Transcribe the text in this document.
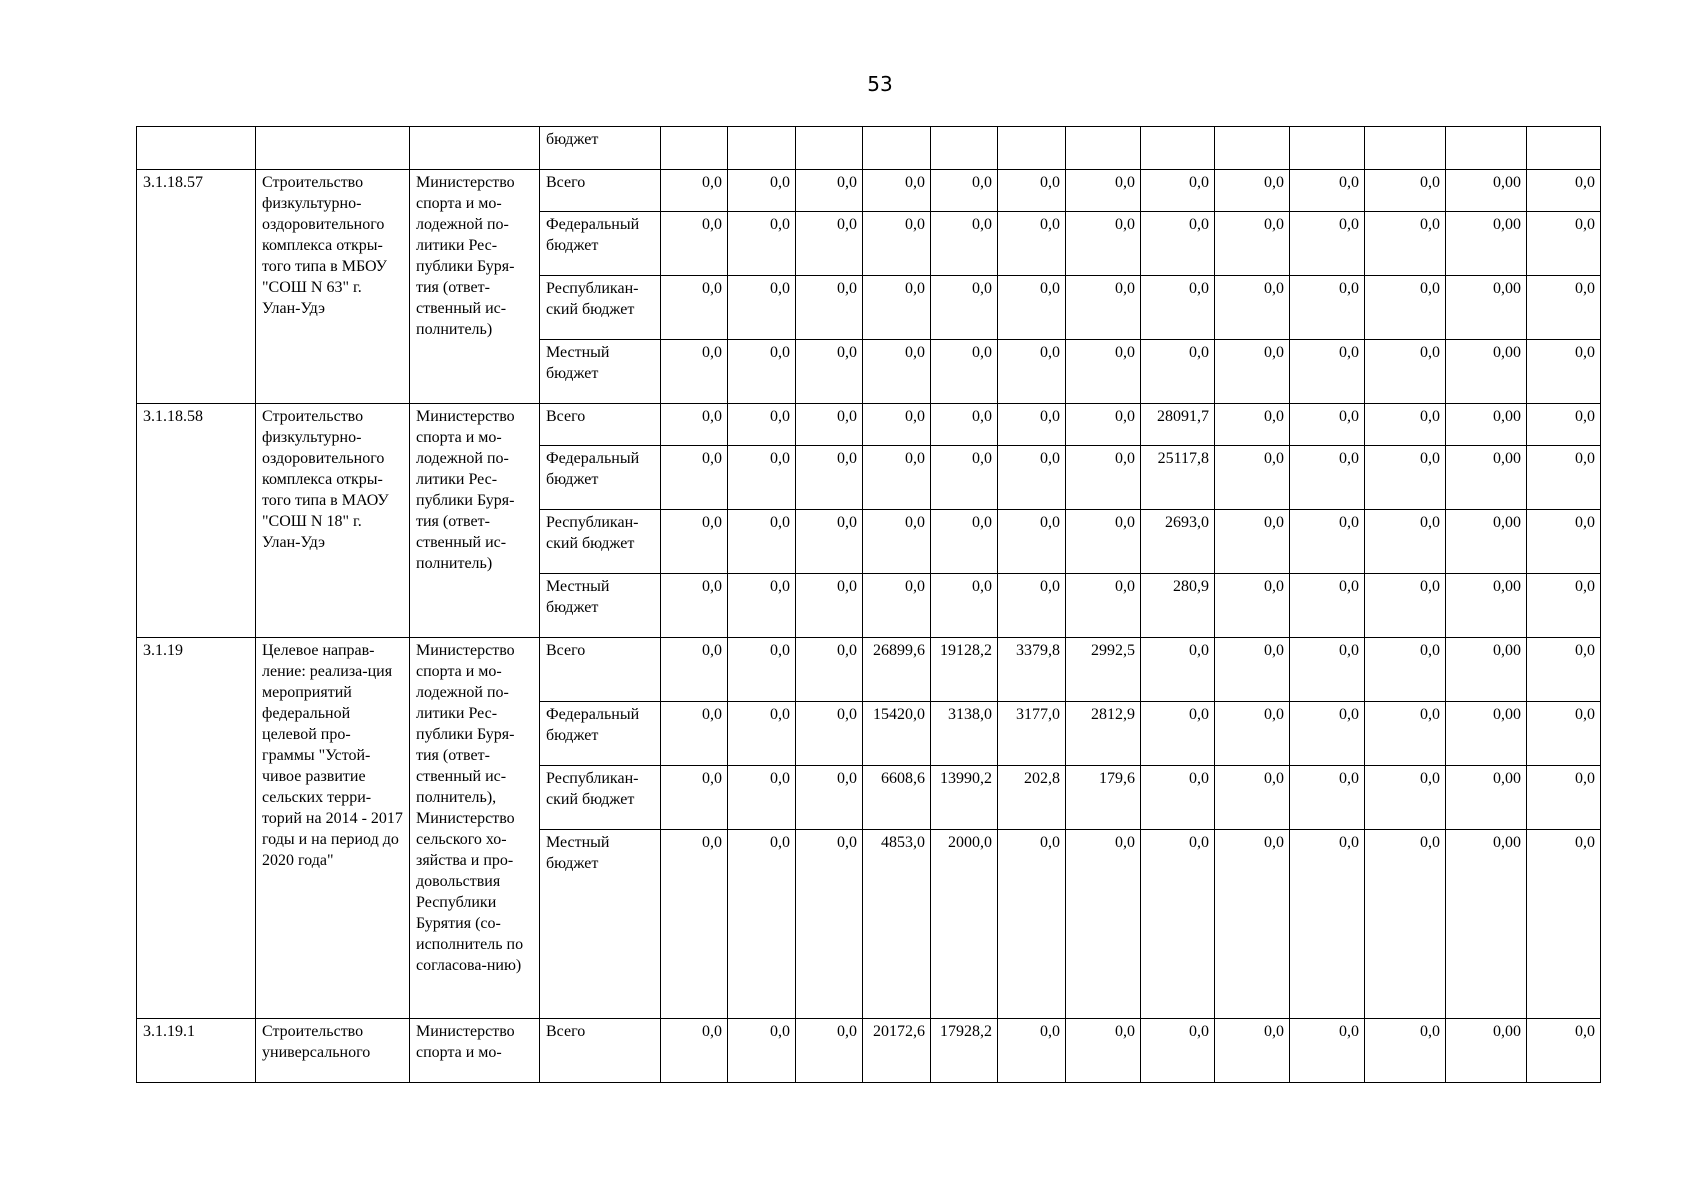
53
			бюджет													
3.1.18.57	Строительство физкультурно-оздоровительного комплекса откры-того типа в МБОУ "СОШ N 63" г. Улан-Удэ	Министерство спорта и мо-лодежной по-литики Рес-публики Буря-тия (ответ-ственный ис-полнитель)	Всего	0,0	0,0	0,0	0,0	0,0	0,0	0,0	0,0	0,0	0,0	0,0	0,00	0,0
			Федеральный бюджет	0,0	0,0	0,0	0,0	0,0	0,0	0,0	0,0	0,0	0,0	0,0	0,00	0,0
			Республикан-ский бюджет	0,0	0,0	0,0	0,0	0,0	0,0	0,0	0,0	0,0	0,0	0,0	0,00	0,0
			Местный бюджет	0,0	0,0	0,0	0,0	0,0	0,0	0,0	0,0	0,0	0,0	0,0	0,00	0,0
3.1.18.58	Строительство физкультурно-оздоровительного комплекса откры-того типа в МАОУ "СОШ N 18" г. Улан-Удэ	Министерство спорта и мо-лодежной по-литики Рес-публики Буря-тия (ответ-ственный ис-полнитель)	Всего	0,0	0,0	0,0	0,0	0,0	0,0	0,0	28091,7	0,0	0,0	0,0	0,00	0,0
			Федеральный бюджет	0,0	0,0	0,0	0,0	0,0	0,0	0,0	25117,8	0,0	0,0	0,0	0,00	0,0
			Республикан-ский бюджет	0,0	0,0	0,0	0,0	0,0	0,0	0,0	2693,0	0,0	0,0	0,0	0,00	0,0
			Местный бюджет	0,0	0,0	0,0	0,0	0,0	0,0	0,0	280,9	0,0	0,0	0,0	0,00	0,0
3.1.19	Целевое направ-ление: реализа-ция мероприятий федеральной целевой про-граммы "Устой-чивое развитие сельских терри-торий на 2014 - 2017 годы и на период до 2020 года"	Министерство спорта и мо-лодежной по-литики Рес-публики Буря-тия (ответ-ственный ис-полнитель), Министерство сельского хо-зяйства и про-довольствия Республики Бурятия (со-исполнитель по согласова-нию)	Всего	0,0	0,0	0,0	26899,6	19128,2	3379,8	2992,5	0,0	0,0	0,0	0,0	0,00	0,0
			Федеральный бюджет	0,0	0,0	0,0	15420,0	3138,0	3177,0	2812,9	0,0	0,0	0,0	0,0	0,00	0,0
			Республикан-ский бюджет	0,0	0,0	0,0	6608,6	13990,2	202,8	179,6	0,0	0,0	0,0	0,0	0,00	0,0
			Местный бюджет	0,0	0,0	0,0	4853,0	2000,0	0,0	0,0	0,0	0,0	0,0	0,0	0,00	0,0
3.1.19.1	Строительство универсального	Министерство спорта и мо-	Всего	0,0	0,0	0,0	20172,6	17928,2	0,0	0,0	0,0	0,0	0,0	0,0	0,00	0,0
